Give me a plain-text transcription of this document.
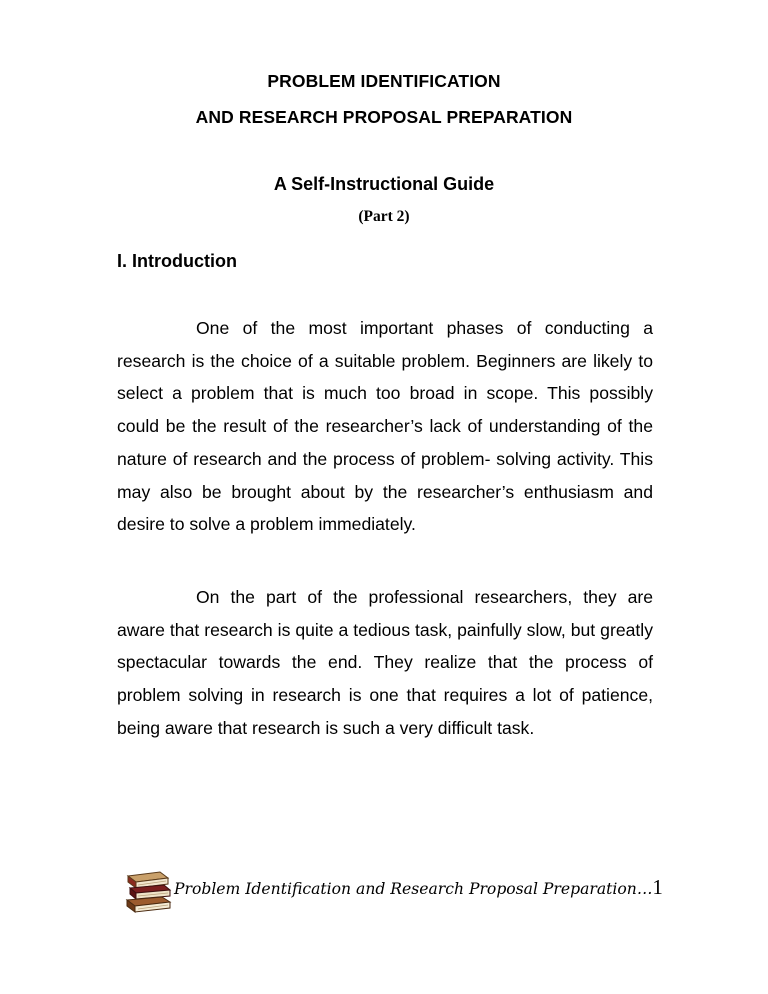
PROBLEM IDENTIFICATION
AND RESEARCH PROPOSAL PREPARATION
A Self-Instructional Guide
(Part 2)
I. Introduction

One of the most important phases of conducting a research is the choice of a suitable problem. Beginners are likely to select a problem that is much too broad in scope. This possibly could be the result of the researcher’s lack of understanding of the nature of research and the process of problem- solving activity. This may also be brought about by the researcher’s enthusiasm and desire to solve a problem immediately.

On the part of the professional researchers, they are aware that research is quite a tedious task, painfully slow, but greatly spectacular towards the end. They realize that the process of problem solving in research is one that requires a lot of patience, being aware that research is such a very difficult task.

Problem Identification and Research Proposal Preparation…1
